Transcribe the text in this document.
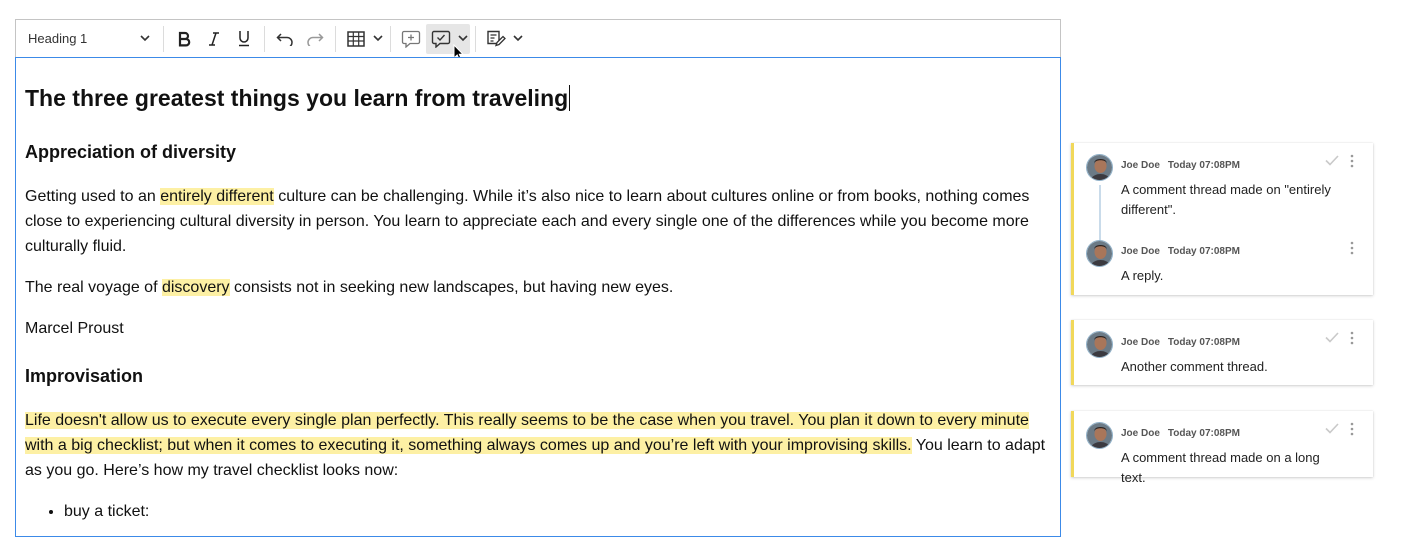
Heading 1
The three greatest things you learn from traveling
Appreciation of diversity

Getting used to an entirely different culture can be challenging. While it’s also nice to learn about cultures online or from books, nothing comes close to experiencing cultural diversity in person. You learn to appreciate each and every single one of the differences while you become more culturally fluid.

The real voyage of discovery consists not in seeking new landscapes, but having new eyes.

Marcel Proust

Improvisation

Life doesn't allow us to execute every single plan perfectly. This really seems to be the case when you travel. You plan it down to every minute with a big checklist; but when it comes to executing it, something always comes up and you’re left with your improvising skills. You learn to adapt as you go. Here’s how my travel checklist looks now:

• buy a ticket:
Joe Doe Today 07:08PM
A comment thread made on "entirely different".
Joe Doe Today 07:08PM
A reply.
Joe Doe Today 07:08PM
Another comment thread.
Joe Doe Today 07:08PM
A comment thread made on a long text.
